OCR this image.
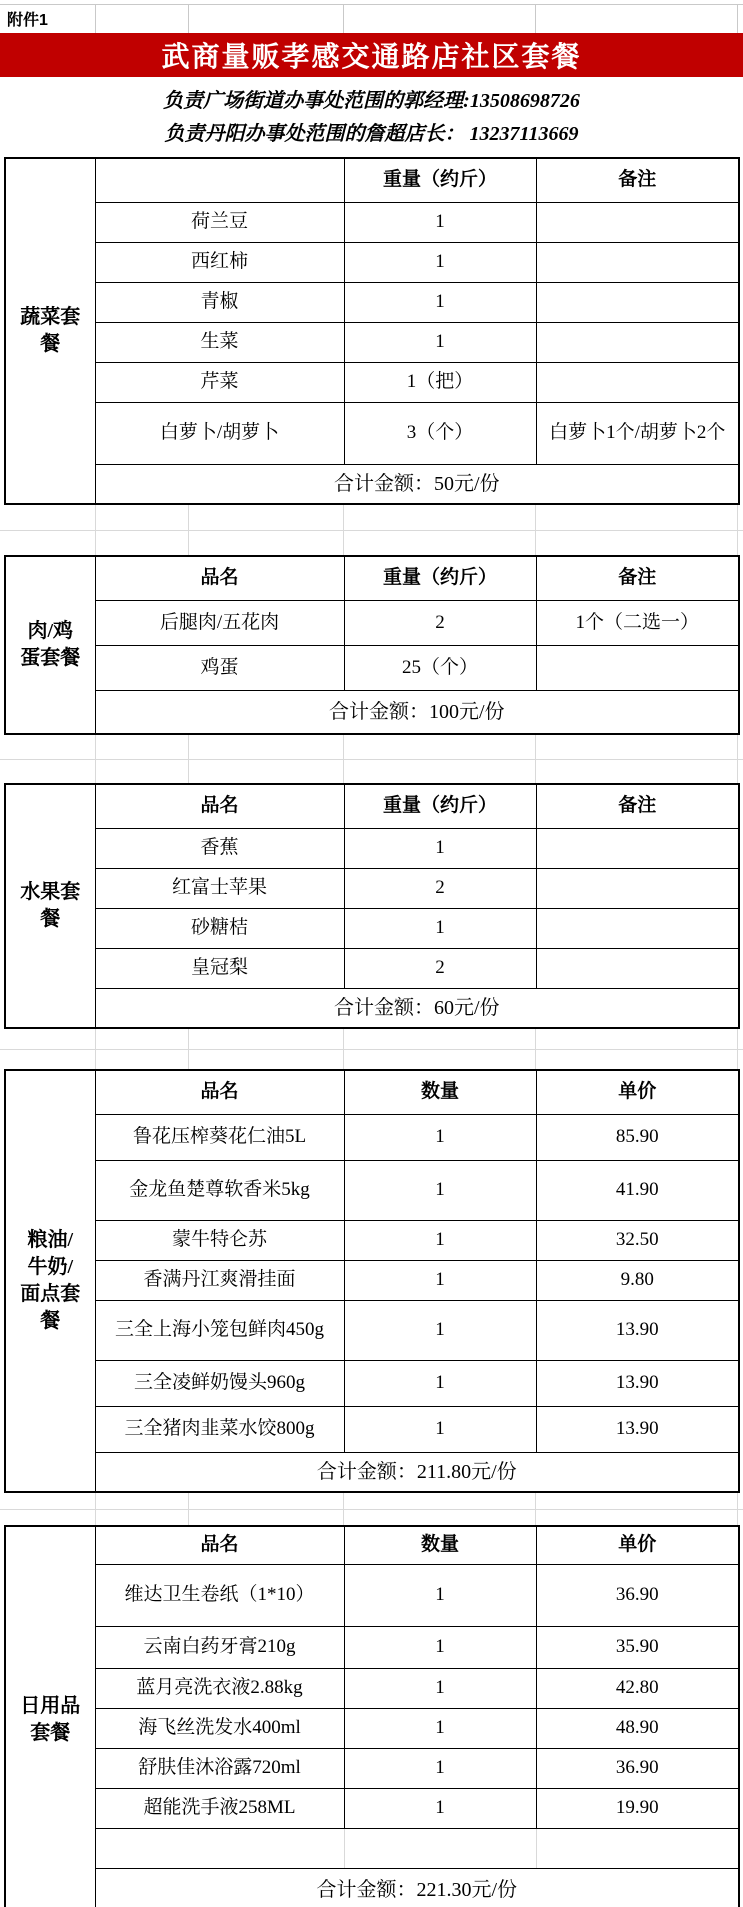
附件1
武商量贩孝感交通路店社区套餐
负责广场街道办事处范围的郭经理:13508698726
负责丹阳办事处范围的詹超店长： 13237113669
蔬菜套餐		重量（约斤）	备注
	荷兰豆	1	
	西红柿	1	
	青椒	1	
	生菜	1	
	芹菜	1（把）	
	白萝卜/胡萝卜	3（个）	白萝卜1个/胡萝卜2个
	合计金额：50元/份		
肉/鸡蛋套餐	品名	重量（约斤）	备注
	后腿肉/五花肉	2	1个（二选一）
	鸡蛋	25（个）	
	合计金额：100元/份		
水果套餐	品名	重量（约斤）	备注
	香蕉	1	
	红富士苹果	2	
	砂糖桔	1	
	皇冠梨	2	
	合计金额：60元/份		
粮油/牛奶/面点套餐	品名	数量	单价
	鲁花压榨葵花仁油5L	1	85.90
	金龙鱼楚尊软香米5kg	1	41.90
	蒙牛特仑苏	1	32.50
	香满丹江爽滑挂面	1	9.80
	三全上海小笼包鲜肉450g	1	13.90
	三全凌鲜奶馒头960g	1	13.90
	三全猪肉韭菜水饺800g	1	13.90
	合计金额：211.80元/份		
日用品套餐	品名	数量	单价
	维达卫生卷纸（1*10）	1	36.90
	云南白药牙膏210g	1	35.90
	蓝月亮洗衣液2.88kg	1	42.80
	海飞丝洗发水400ml	1	48.90
	舒肤佳沐浴露720ml	1	36.90
	超能洗手液258ML	1	19.90

	合计金额：221.30元/份		
